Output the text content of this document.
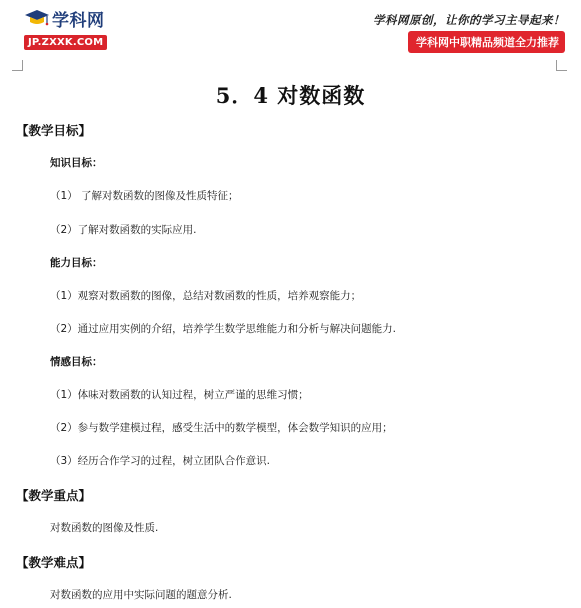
学科网
JP.ZXXK.COM
学科网原创，让你的学习主导起来！
学科网中职精品频道全力推荐
5．4 对数函数
【教学目标】
知识目标：
（1） 了解对数函数的图像及性质特征；
（2）了解对数函数的实际应用.
能力目标：
（1）观察对数函数的图像，总结对数函数的性质，培养观察能力；
（2）通过应用实例的介绍，培养学生数学思维能力和分析与解决问题能力.
情感目标：
（1）体味对数函数的认知过程，树立严谨的思维习惯；
（2）参与数学建模过程，感受生活中的数学模型，体会数学知识的应用；
（3）经历合作学习的过程，树立团队合作意识.
【教学重点】
对数函数的图像及性质.
【教学难点】
对数函数的应用中实际问题的题意分析.
